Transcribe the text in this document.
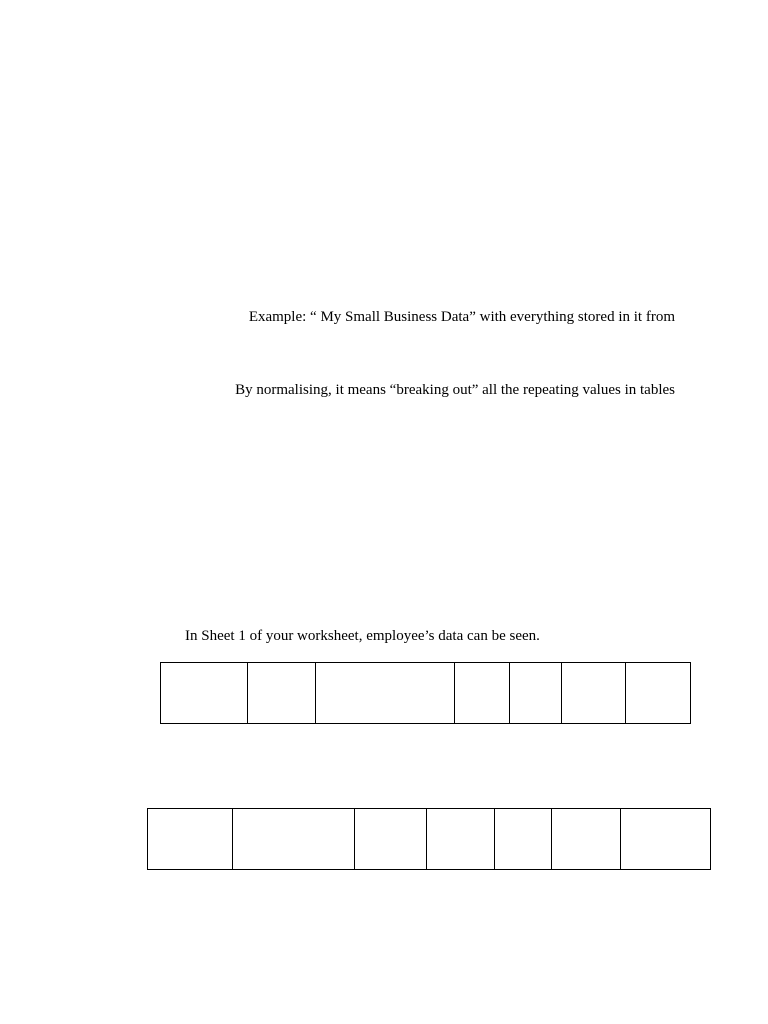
Example: “ My Small Business Data” with everything stored in it from
By normalising, it means “breaking out” all the repeating values in tables
In Sheet 1 of your worksheet, employee’s data can be seen.
